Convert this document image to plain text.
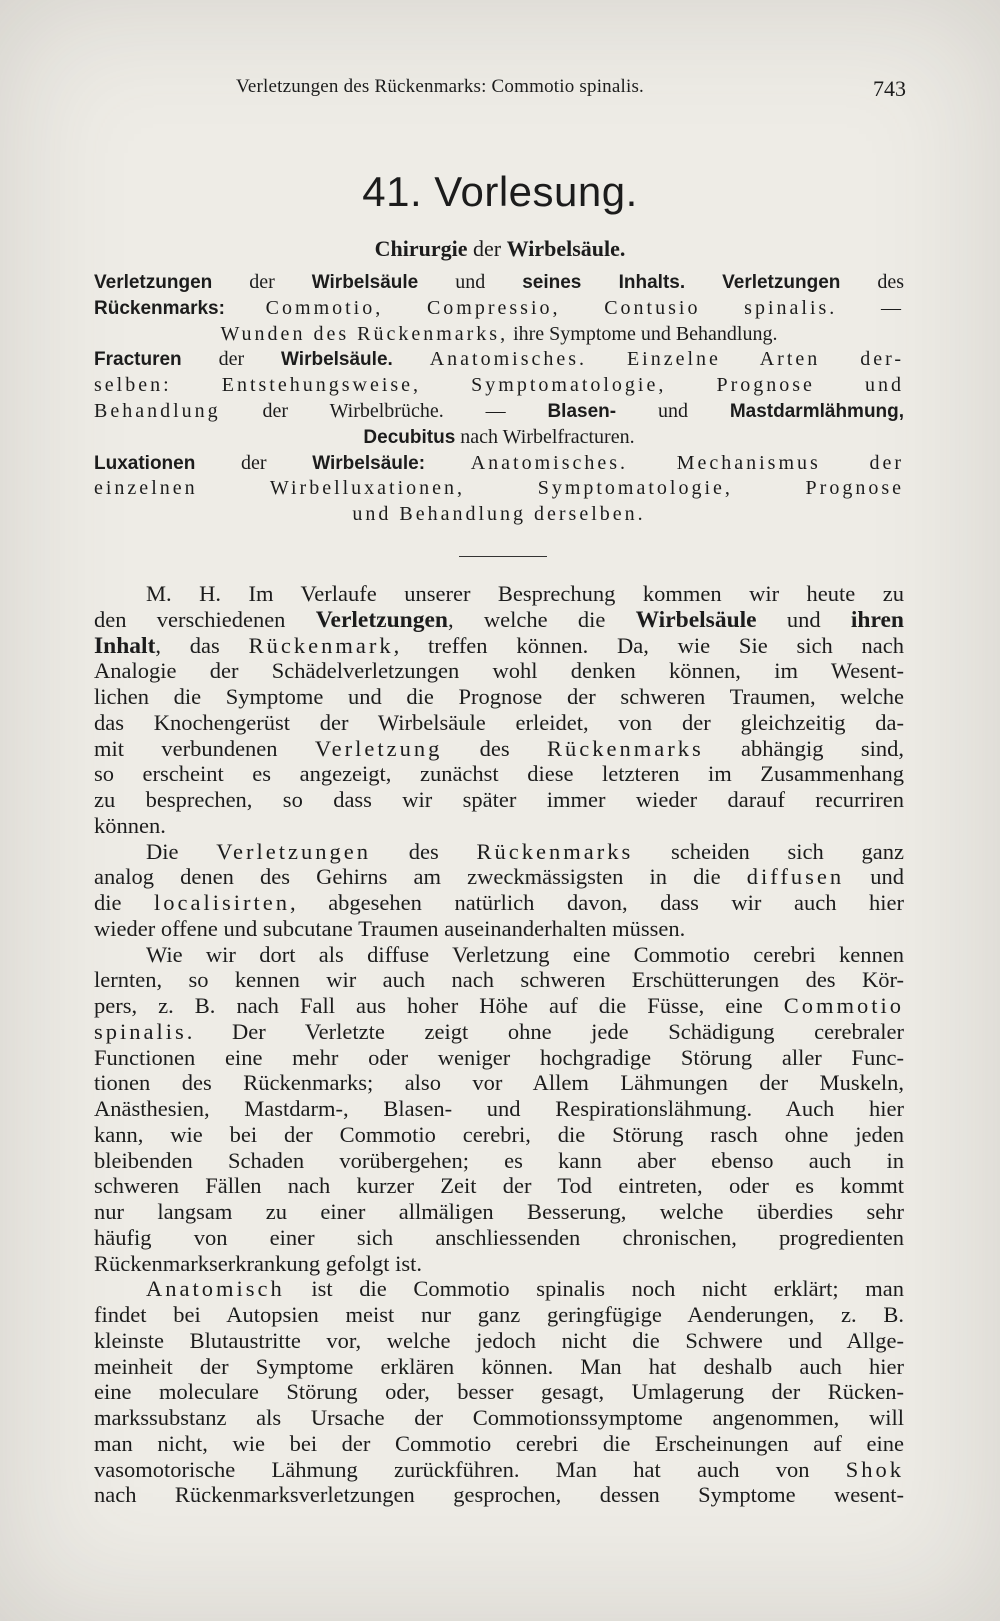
Verletzungen des Rückenmarks: Commotio spinalis.	743
41. Vorlesung.
Chirurgie der Wirbelsäule.
Verletzungen der Wirbelsäule und seines Inhalts. Verletzungen des
Rückenmarks: Commotio, Compressio, Contusio spinalis. —
Wunden des Rückenmarks, ihre Symptome und Behandlung.
Fracturen der Wirbelsäule. Anatomisches. Einzelne Arten der-
selben: Entstehungsweise, Symptomatologie, Prognose und
Behandlung der Wirbelbrüche. — Blasen- und Mastdarmlähmung,
Decubitus nach Wirbelfracturen.
Luxationen der Wirbelsäule: Anatomisches. Mechanismus der
einzelnen Wirbelluxationen, Symptomatologie, Prognose
und Behandlung derselben.
M. H. Im Verlaufe unserer Besprechung kommen wir heute zu
den verschiedenen Verletzungen, welche die Wirbelsäule und ihren
Inhalt, das Rückenmark, treffen können. Da, wie Sie sich nach
Analogie der Schädelverletzungen wohl denken können, im Wesent-
lichen die Symptome und die Prognose der schweren Traumen, welche
das Knochengerüst der Wirbelsäule erleidet, von der gleichzeitig da-
mit verbundenen Verletzung des Rückenmarks abhängig sind,
so erscheint es angezeigt, zunächst diese letzteren im Zusammenhang
zu besprechen, so dass wir später immer wieder darauf recurriren
können.
Die Verletzungen des Rückenmarks scheiden sich ganz
analog denen des Gehirns am zweckmässigsten in die diffusen und
die localisirten, abgesehen natürlich davon, dass wir auch hier
wieder offene und subcutane Traumen auseinanderhalten müssen.
Wie wir dort als diffuse Verletzung eine Commotio cerebri kennen
lernten, so kennen wir auch nach schweren Erschütterungen des Kör-
pers, z. B. nach Fall aus hoher Höhe auf die Füsse, eine Commotio
spinalis. Der Verletzte zeigt ohne jede Schädigung cerebraler
Functionen eine mehr oder weniger hochgradige Störung aller Func-
tionen des Rückenmarks; also vor Allem Lähmungen der Muskeln,
Anästhesien, Mastdarm-, Blasen- und Respirationslähmung. Auch hier
kann, wie bei der Commotio cerebri, die Störung rasch ohne jeden
bleibenden Schaden vorübergehen; es kann aber ebenso auch in
schweren Fällen nach kurzer Zeit der Tod eintreten, oder es kommt
nur langsam zu einer allmäligen Besserung, welche überdies sehr
häufig von einer sich anschliessenden chronischen, progredienten
Rückenmarkserkrankung gefolgt ist.
Anatomisch ist die Commotio spinalis noch nicht erklärt; man
findet bei Autopsien meist nur ganz geringfügige Aenderungen, z. B.
kleinste Blutaustritte vor, welche jedoch nicht die Schwere und Allge-
meinheit der Symptome erklären können. Man hat deshalb auch hier
eine moleculare Störung oder, besser gesagt, Umlagerung der Rücken-
markssubstanz als Ursache der Commotionssymptome angenommen, will
man nicht, wie bei der Commotio cerebri die Erscheinungen auf eine
vasomotorische Lähmung zurückführen. Man hat auch von Shok
nach Rückenmarksverletzungen gesprochen, dessen Symptome wesent-
